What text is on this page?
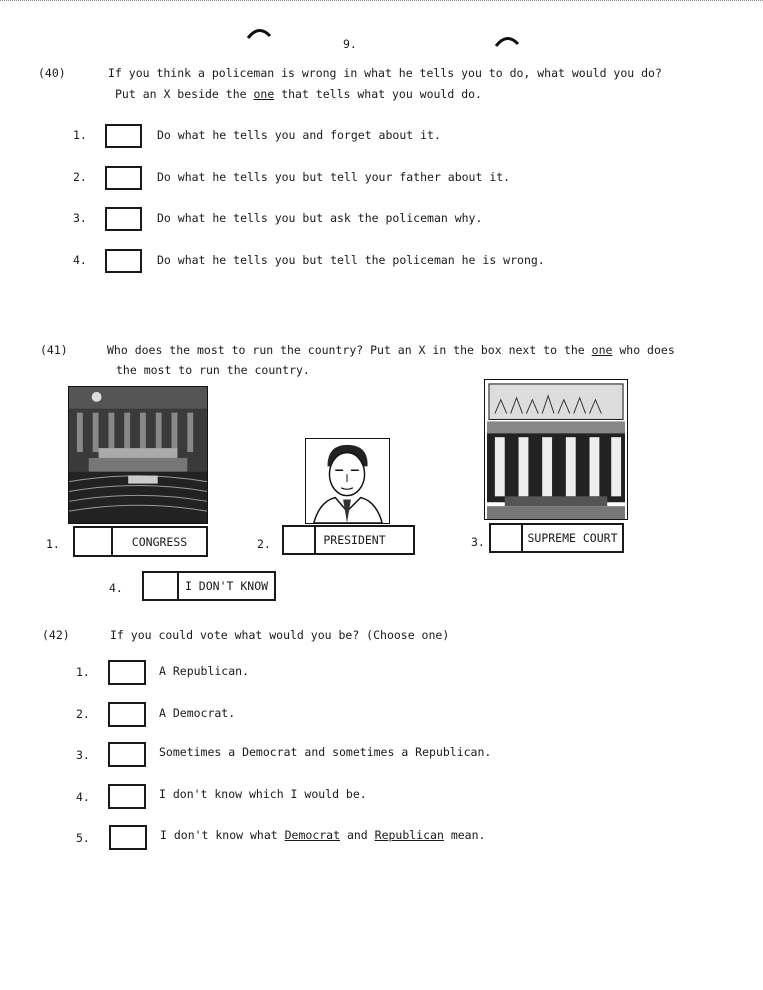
9.
(40)	If you think a policeman is wrong in what he tells you to do, what would you do?
Put an X beside the one that tells what you would do.
1.	Do what he tells you and forget about it.
2.	Do what he tells you but tell your father about it.
3.	Do what he tells you but ask the policeman why.
4.	Do what he tells you but tell the policeman he is wrong.
(41)	Who does the most to run the country? Put an X in the box next to the one who does
the most to run the country.
1.	CONGRESS	2.	PRESIDENT	3.	SUPREME COURT
4.	I DON'T KNOW
(42)	If you could vote what would you be? (Choose one)
1.	A Republican.
2.	A Democrat.
3.	Sometimes a Democrat and sometimes a Republican.
4.	I don't know which I would be.
5.	I don't know what Democrat and Republican mean.
